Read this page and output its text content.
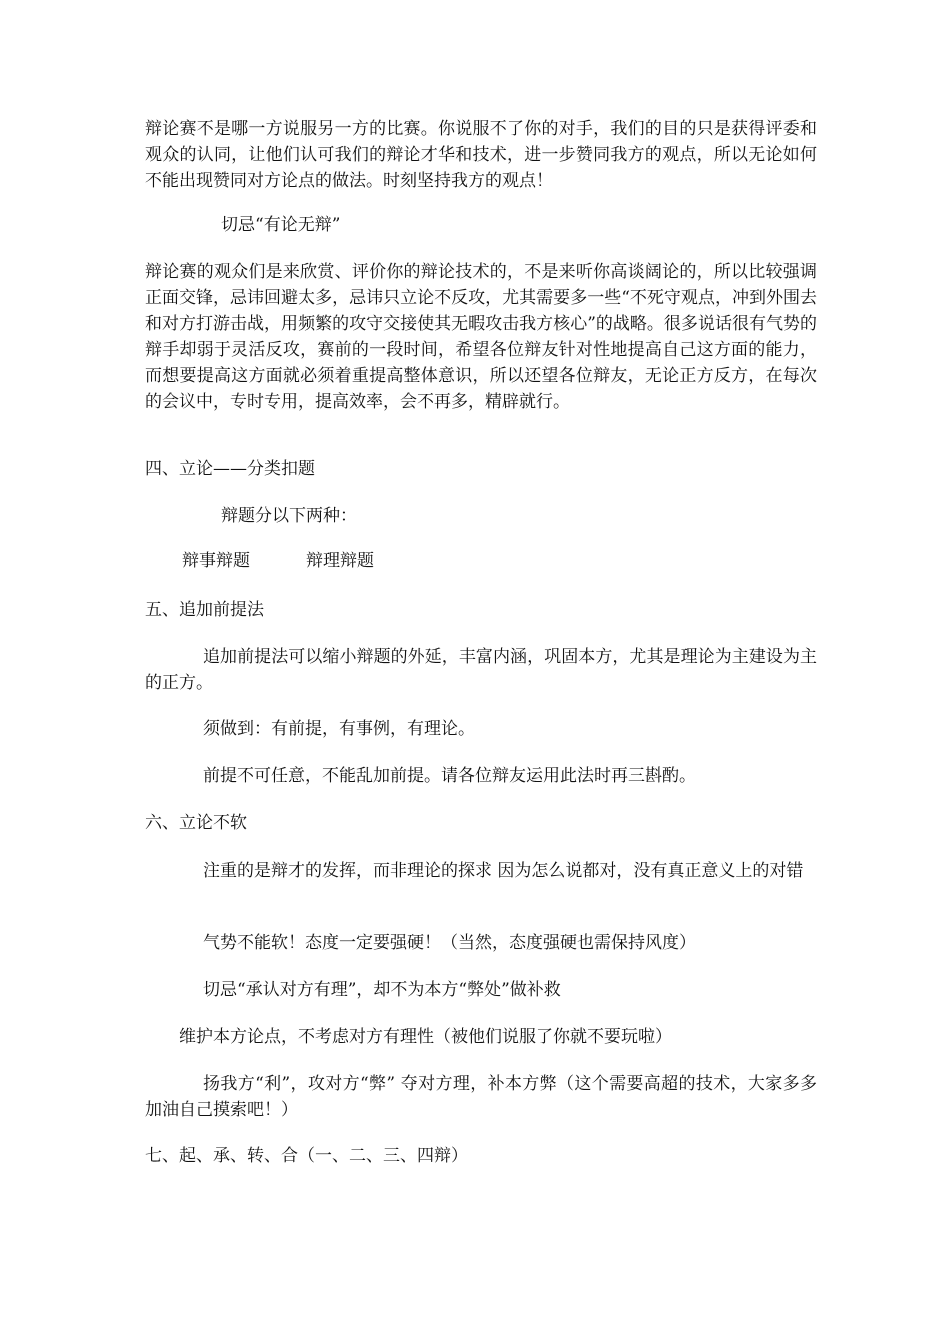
辩论赛不是哪一方说服另一方的比赛。你说服不了你的对手，我们的目的只是获得评委和观众的认同，让他们认可我们的辩论才华和技术，进一步赞同我方的观点，所以无论如何不能出现赞同对方论点的做法。时刻坚持我方的观点！

切忌“有论无辩”

辩论赛的观众们是来欣赏、评价你的辩论技术的，不是来听你高谈阔论的，所以比较强调正面交锋，忌讳回避太多，忌讳只立论不反攻，尤其需要多一些“不死守观点，冲到外围去和对方打游击战，用频繁的攻守交接使其无暇攻击我方核心”的战略。很多说话很有气势的辩手却弱于灵活反攻，赛前的一段时间，希望各位辩友针对性地提高自己这方面的能力，而想要提高这方面就必须着重提高整体意识，所以还望各位辩友，无论正方反方，在每次的会议中，专时专用，提高效率，会不再多，精辟就行。

四、立论——分类扣题

辩题分以下两种：

辩事辩题	辩理辩题

五、追加前提法

追加前提法可以缩小辩题的外延，丰富内涵，巩固本方，尤其是理论为主建设为主的正方。

须做到：有前提，有事例，有理论。

前提不可任意，不能乱加前提。请各位辩友运用此法时再三斟酌。

六、立论不软

注重的是辩才的发挥，而非理论的探求 因为怎么说都对，没有真正意义上的对错

气势不能软！态度一定要强硬！（当然，态度强硬也需保持风度）

切忌“承认对方有理”，却不为本方“弊处”做补救

维护本方论点，不考虑对方有理性（被他们说服了你就不要玩啦）

扬我方“利”，攻对方“弊” 夺对方理，补本方弊（这个需要高超的技术，大家多多加油自己摸索吧！）

七、起、承、转、合（一、二、三、四辩）
